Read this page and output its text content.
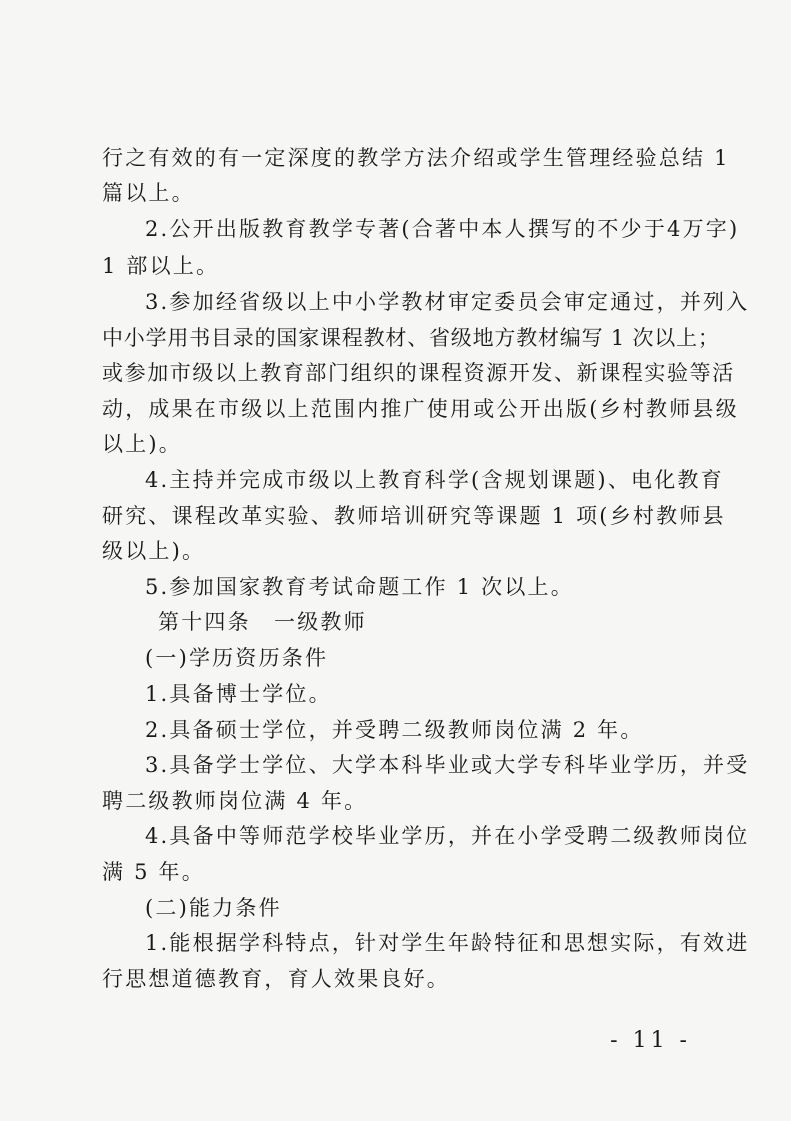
行之有效的有一定深度的教学方法介绍或学生管理经验总结 1
篇以上。
2.公开出版教育教学专著(合著中本人撰写的不少于4万字)
1 部以上。
3.参加经省级以上中小学教材审定委员会审定通过，并列入
中小学用书目录的国家课程教材、省级地方教材编写 1 次以上；
或参加市级以上教育部门组织的课程资源开发、新课程实验等活
动，成果在市级以上范围内推广使用或公开出版(乡村教师县级
以上)。
4.主持并完成市级以上教育科学(含规划课题)、电化教育
研究、课程改革实验、教师培训研究等课题 1 项(乡村教师县
级以上)。
5.参加国家教育考试命题工作 1 次以上。
第十四条　一级教师
(一)学历资历条件
1.具备博士学位。
2.具备硕士学位，并受聘二级教师岗位满 2 年。
3.具备学士学位、大学本科毕业或大学专科毕业学历，并受
聘二级教师岗位满 4 年。
4.具备中等师范学校毕业学历，并在小学受聘二级教师岗位
满 5 年。
(二)能力条件
1.能根据学科特点，针对学生年龄特征和思想实际，有效进
行思想道德教育，育人效果良好。
- 11 -
